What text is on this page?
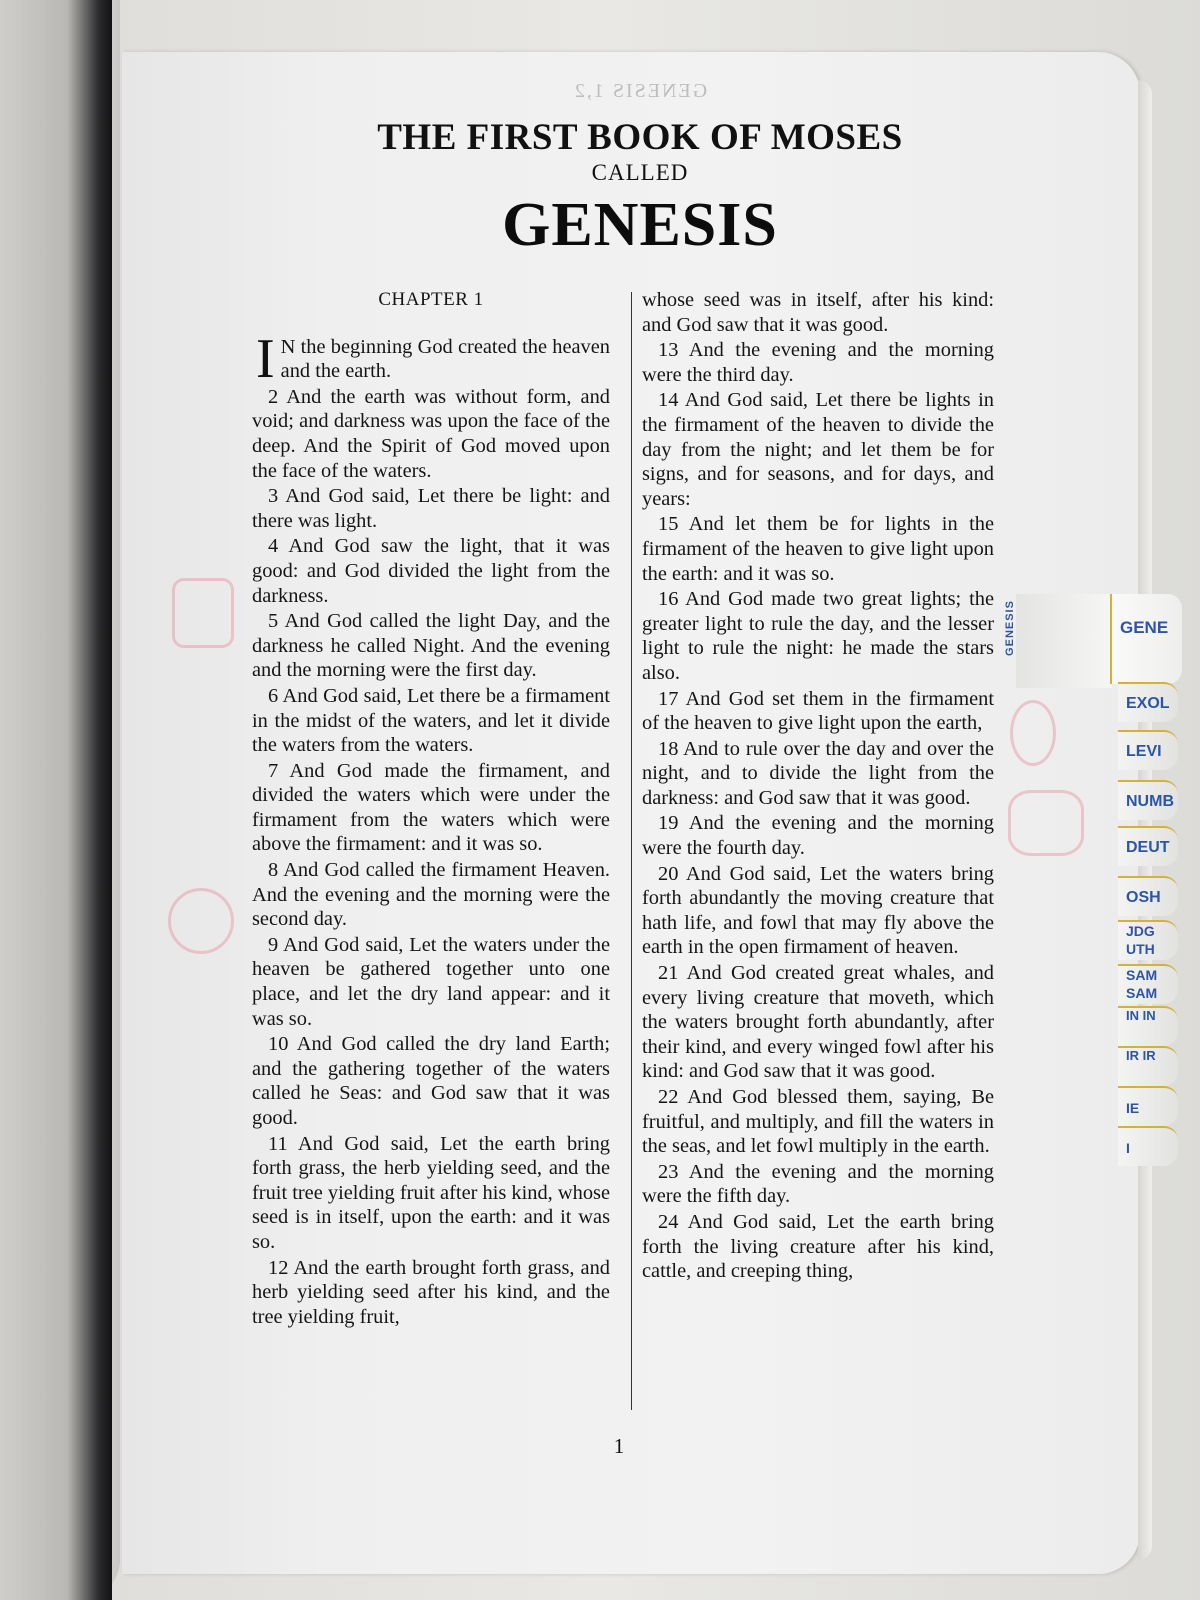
GENESIS 1,2
THE FIRST BOOK OF MOSES
CALLED
GENESIS
CHAPTER 1

I N the beginning God created the heaven and the earth.

2 And the earth was without form, and void; and darkness was upon the face of the deep. And the Spirit of God moved upon the face of the waters.

3 And God said, Let there be light: and there was light.

4 And God saw the light, that it was good: and God divided the light from the darkness.

5 And God called the light Day, and the darkness he called Night. And the evening and the morning were the first day.

6 And God said, Let there be a firmament in the midst of the waters, and let it divide the waters from the waters.

7 And God made the firmament, and divided the waters which were under the firmament from the waters which were above the firmament: and it was so.

8 And God called the firmament Heaven. And the evening and the morning were the second day.

9 And God said, Let the waters under the heaven be gathered together unto one place, and let the dry land appear: and it was so.

10 And God called the dry land Earth; and the gathering together of the waters called he Seas: and God saw that it was good.

11 And God said, Let the earth bring forth grass, the herb yielding seed, and the fruit tree yielding fruit after his kind, whose seed is in itself, upon the earth: and it was so.

12 And the earth brought forth grass, and herb yielding seed after his kind, and the tree yielding fruit,

whose seed was in itself, after his kind: and God saw that it was good.

13 And the evening and the morning were the third day.

14 And God said, Let there be lights in the firmament of the heaven to divide the day from the night; and let them be for signs, and for seasons, and for days, and years:

15 And let them be for lights in the firmament of the heaven to give light upon the earth: and it was so.

16 And God made two great lights; the greater light to rule the day, and the lesser light to rule the night: he made the stars also.

17 And God set them in the firmament of the heaven to give light upon the earth,

18 And to rule over the day and over the night, and to divide the light from the darkness: and God saw that it was good.

19 And the evening and the morning were the fourth day.

20 And God said, Let the waters bring forth abundantly the moving creature that hath life, and fowl that may fly above the earth in the open firmament of heaven.

21 And God created great whales, and every living creature that moveth, which the waters brought forth abundantly, after their kind, and every winged fowl after his kind: and God saw that it was good.

22 And God blessed them, saying, Be fruitful, and multiply, and fill the waters in the seas, and let fowl multiply in the earth.

23 And the evening and the morning were the fifth day.

24 And God said, Let the earth bring forth the living creature after his kind, cattle, and creeping thing,

1
GENESIS	GENE
EXOL
LEVI
NUMB
DEUT
OSH
JDG UTH
SAM SAM
IN IN
IR IR
IE
I
